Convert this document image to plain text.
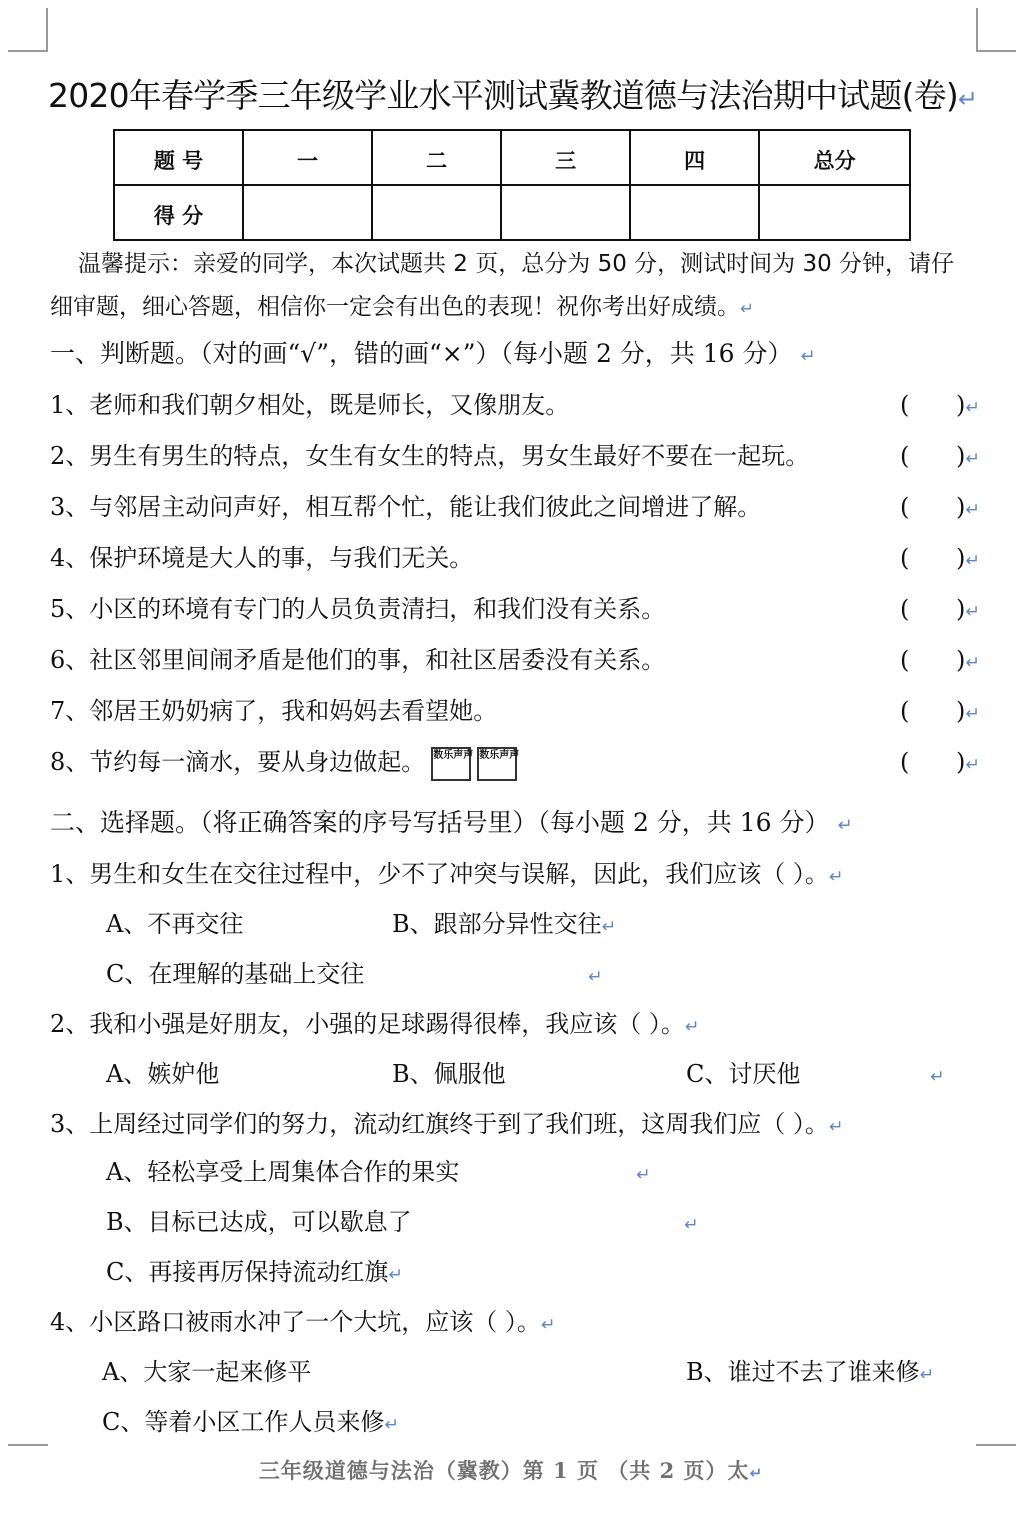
2020年春学季三年级学业水平测试冀教道德与法治期中试题(卷)↵
题 号	一	二	三	四	总分
得 分					
温馨提示：亲爱的同学，本次试题共 2 页，总分为 50 分，测试时间为 30 分钟，请仔
细审题，细心答题，相信你一定会有出色的表现！祝你考出好成绩。↵
一、判断题。（对的画“√”，错的画“×”）（每小题 2 分，共 16 分） ↵
1、老师和我们朝夕相处，既是师长，又像朋友。	( )↵
2、男生有男生的特点，女生有女生的特点，男女生最好不要在一起玩。	( )↵
3、与邻居主动问声好，相互帮个忙，能让我们彼此之间增进了解。	( )↵
4、保护环境是大人的事，与我们无关。	( )↵
5、小区的环境有专门的人员负责清扫，和我们没有关系。	( )↵
6、社区邻里间闹矛盾是他们的事，和社区居委没有关系。	( )↵
7、邻居王奶奶病了，我和妈妈去看望她。	( )↵
8、节约每一滴水，要从身边做起。 数乐声声 数乐声声	( )↵
二、选择题。（将正确答案的序号写括号里）（每小题 2 分，共 16 分） ↵
1、男生和女生在交往过程中，少不了冲突与误解，因此，我们应该（ ）。↵
A、不再交往	B、跟部分异性交往↵
C、在理解的基础上交往	↵
2、我和小强是好朋友，小强的足球踢得很棒，我应该（ ）。↵
A、嫉妒他	B、佩服他	C、讨厌他	↵
3、上周经过同学们的努力，流动红旗终于到了我们班，这周我们应（ ）。↵
A、轻松享受上周集体合作的果实	↵
B、目标已达成，可以歇息了	↵
C、再接再厉保持流动红旗↵
4、小区路口被雨水冲了一个大坑，应该（ ）。↵
A、大家一起来修平	B、谁过不去了谁来修↵
C、等着小区工作人员来修↵
三年级道德与法治（冀教）第 1 页 （共 2 页）太↵
